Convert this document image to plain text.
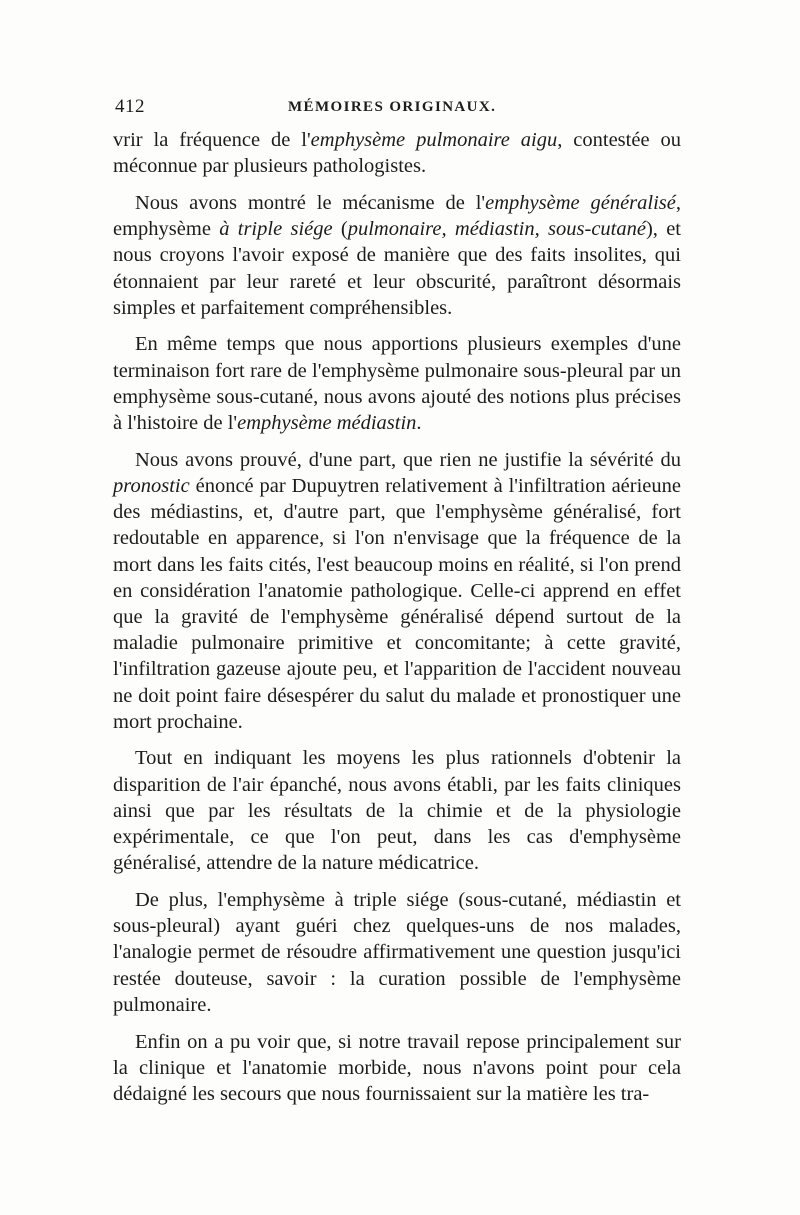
412	MÉMOIRES ORIGINAUX.

vrir la fréquence de l'emphysème pulmonaire aigu, contestée ou méconnue par plusieurs pathologistes.

Nous avons montré le mécanisme de l'emphysème généralisé, emphysème à triple siége (pulmonaire, médiastin, sous-cutané), et nous croyons l'avoir exposé de manière que des faits insolites, qui étonnaient par leur rareté et leur obscurité, paraîtront désormais simples et parfaitement compréhensibles.

En même temps que nous apportions plusieurs exemples d'une terminaison fort rare de l'emphysème pulmonaire sous-pleural par un emphysème sous-cutané, nous avons ajouté des notions plus précises à l'histoire de l'emphysème médiastin.

Nous avons prouvé, d'une part, que rien ne justifie la sévérité du pronostic énoncé par Dupuytren relativement à l'infiltration aérieune des médiastins, et, d'autre part, que l'emphysème généralisé, fort redoutable en apparence, si l'on n'envisage que la fréquence de la mort dans les faits cités, l'est beaucoup moins en réalité, si l'on prend en considération l'anatomie pathologique. Celle-ci apprend en effet que la gravité de l'emphysème généralisé dépend surtout de la maladie pulmonaire primitive et concomitante; à cette gravité, l'infiltration gazeuse ajoute peu, et l'apparition de l'accident nouveau ne doit point faire désespérer du salut du malade et pronostiquer une mort prochaine.

Tout en indiquant les moyens les plus rationnels d'obtenir la disparition de l'air épanché, nous avons établi, par les faits cliniques ainsi que par les résultats de la chimie et de la physiologie expérimentale, ce que l'on peut, dans les cas d'emphysème généralisé, attendre de la nature médicatrice.

De plus, l'emphysème à triple siége (sous-cutané, médiastin et sous-pleural) ayant guéri chez quelques-uns de nos malades, l'analogie permet de résoudre affirmativement une question jusqu'ici restée douteuse, savoir : la curation possible de l'emphysème pulmonaire.

Enfin on a pu voir que, si notre travail repose principalement sur la clinique et l'anatomie morbide, nous n'avons point pour cela dédaigné les secours que nous fournissaient sur la matière les tra-
